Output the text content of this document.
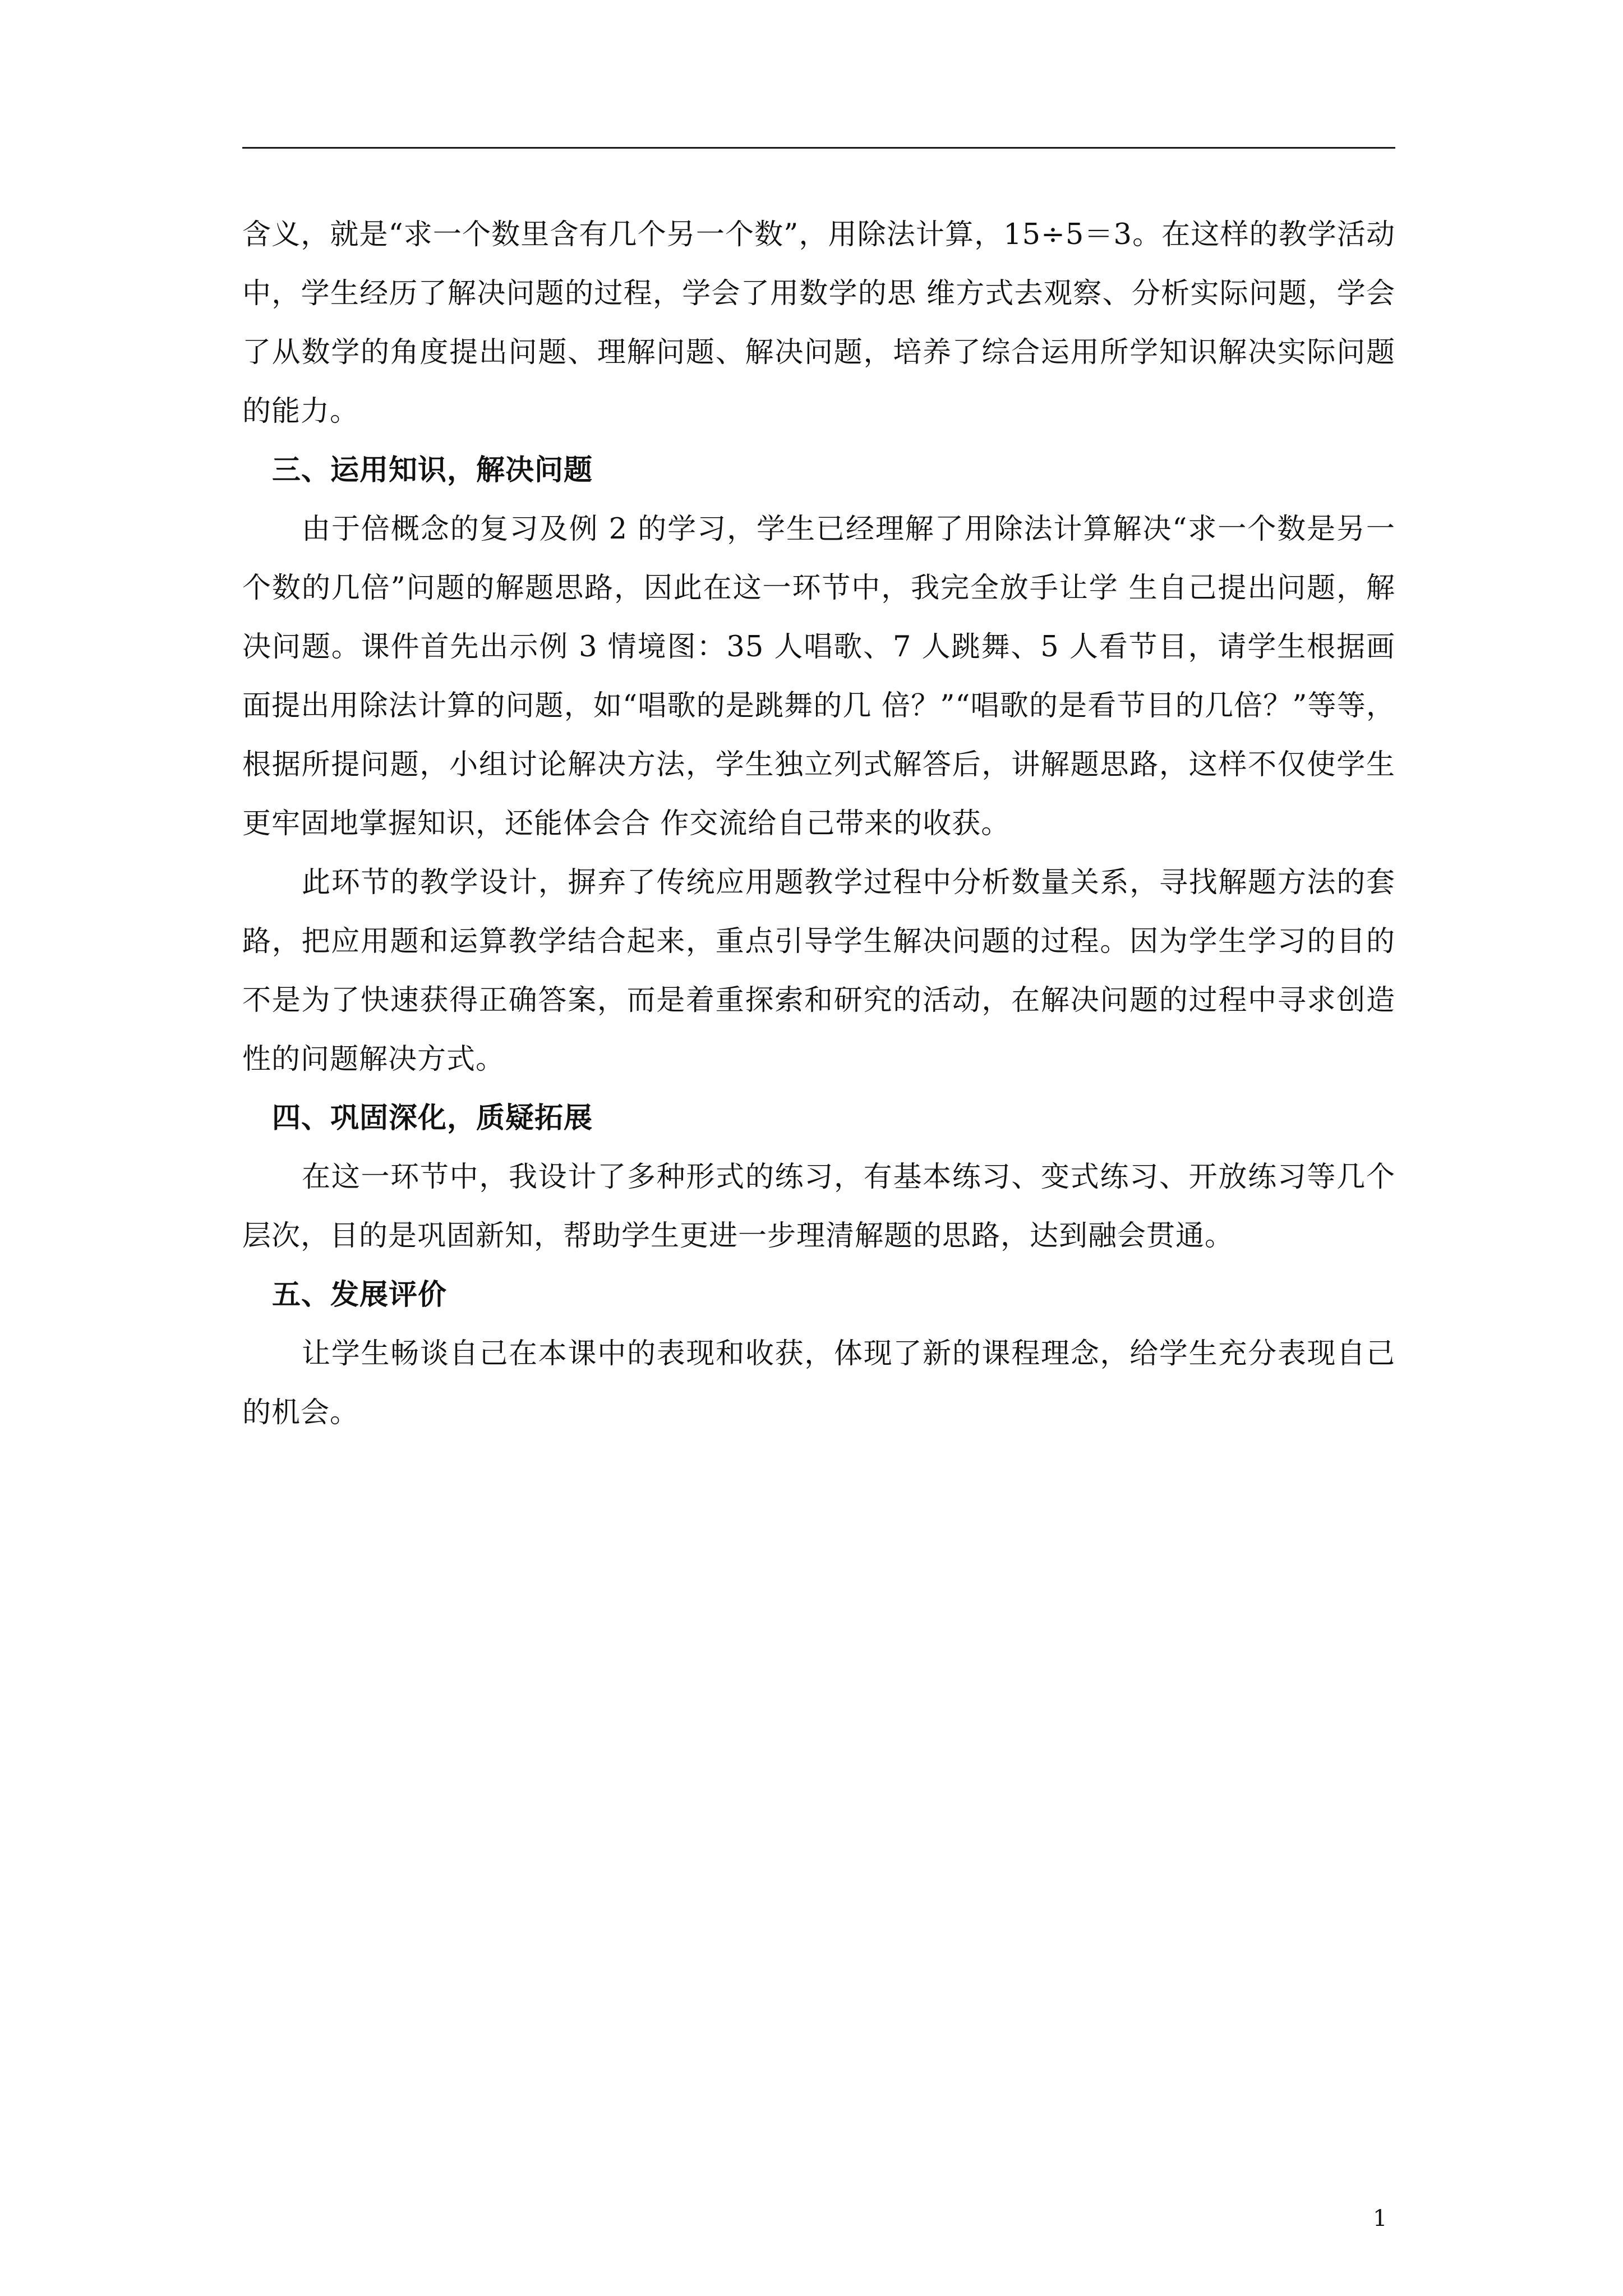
含义，就是“求一个数里含有几个另一个数”，用除法计算，15÷5＝3。在这样的教学活动中，学生经历了解决问题的过程，学会了用数学的思 维方式去观察、分析实际问题，学会了从数学的角度提出问题、理解问题、解决问题，培养了综合运用所学知识解决实际问题的能力。

三、运用知识，解决问题

由于倍概念的复习及例 2 的学习，学生已经理解了用除法计算解决“求一个数是另一个数的几倍”问题的解题思路，因此在这一环节中，我完全放手让学 生自己提出问题，解决问题。课件首先出示例 3 情境图：35 人唱歌、7 人跳舞、5 人看节目，请学生根据画面提出用除法计算的问题，如“唱歌的是跳舞的几 倍？”“唱歌的是看节目的几倍？”等等，根据所提问题，小组讨论解决方法，学生独立列式解答后，讲解题思路，这样不仅使学生更牢固地掌握知识，还能体会合 作交流给自己带来的收获。

此环节的教学设计，摒弃了传统应用题教学过程中分析数量关系，寻找解题方法的套路，把应用题和运算教学结合起来，重点引导学生解决问题的过程。因为学生学习的目的不是为了快速获得正确答案，而是着重探索和研究的活动，在解决问题的过程中寻求创造性的问题解决方式。

四、巩固深化，质疑拓展

在这一环节中，我设计了多种形式的练习，有基本练习、变式练习、开放练习等几个层次，目的是巩固新知，帮助学生更进一步理清解题的思路，达到融会贯通。

五、发展评价

让学生畅谈自己在本课中的表现和收获，体现了新的课程理念，给学生充分表现自己的机会。

1
